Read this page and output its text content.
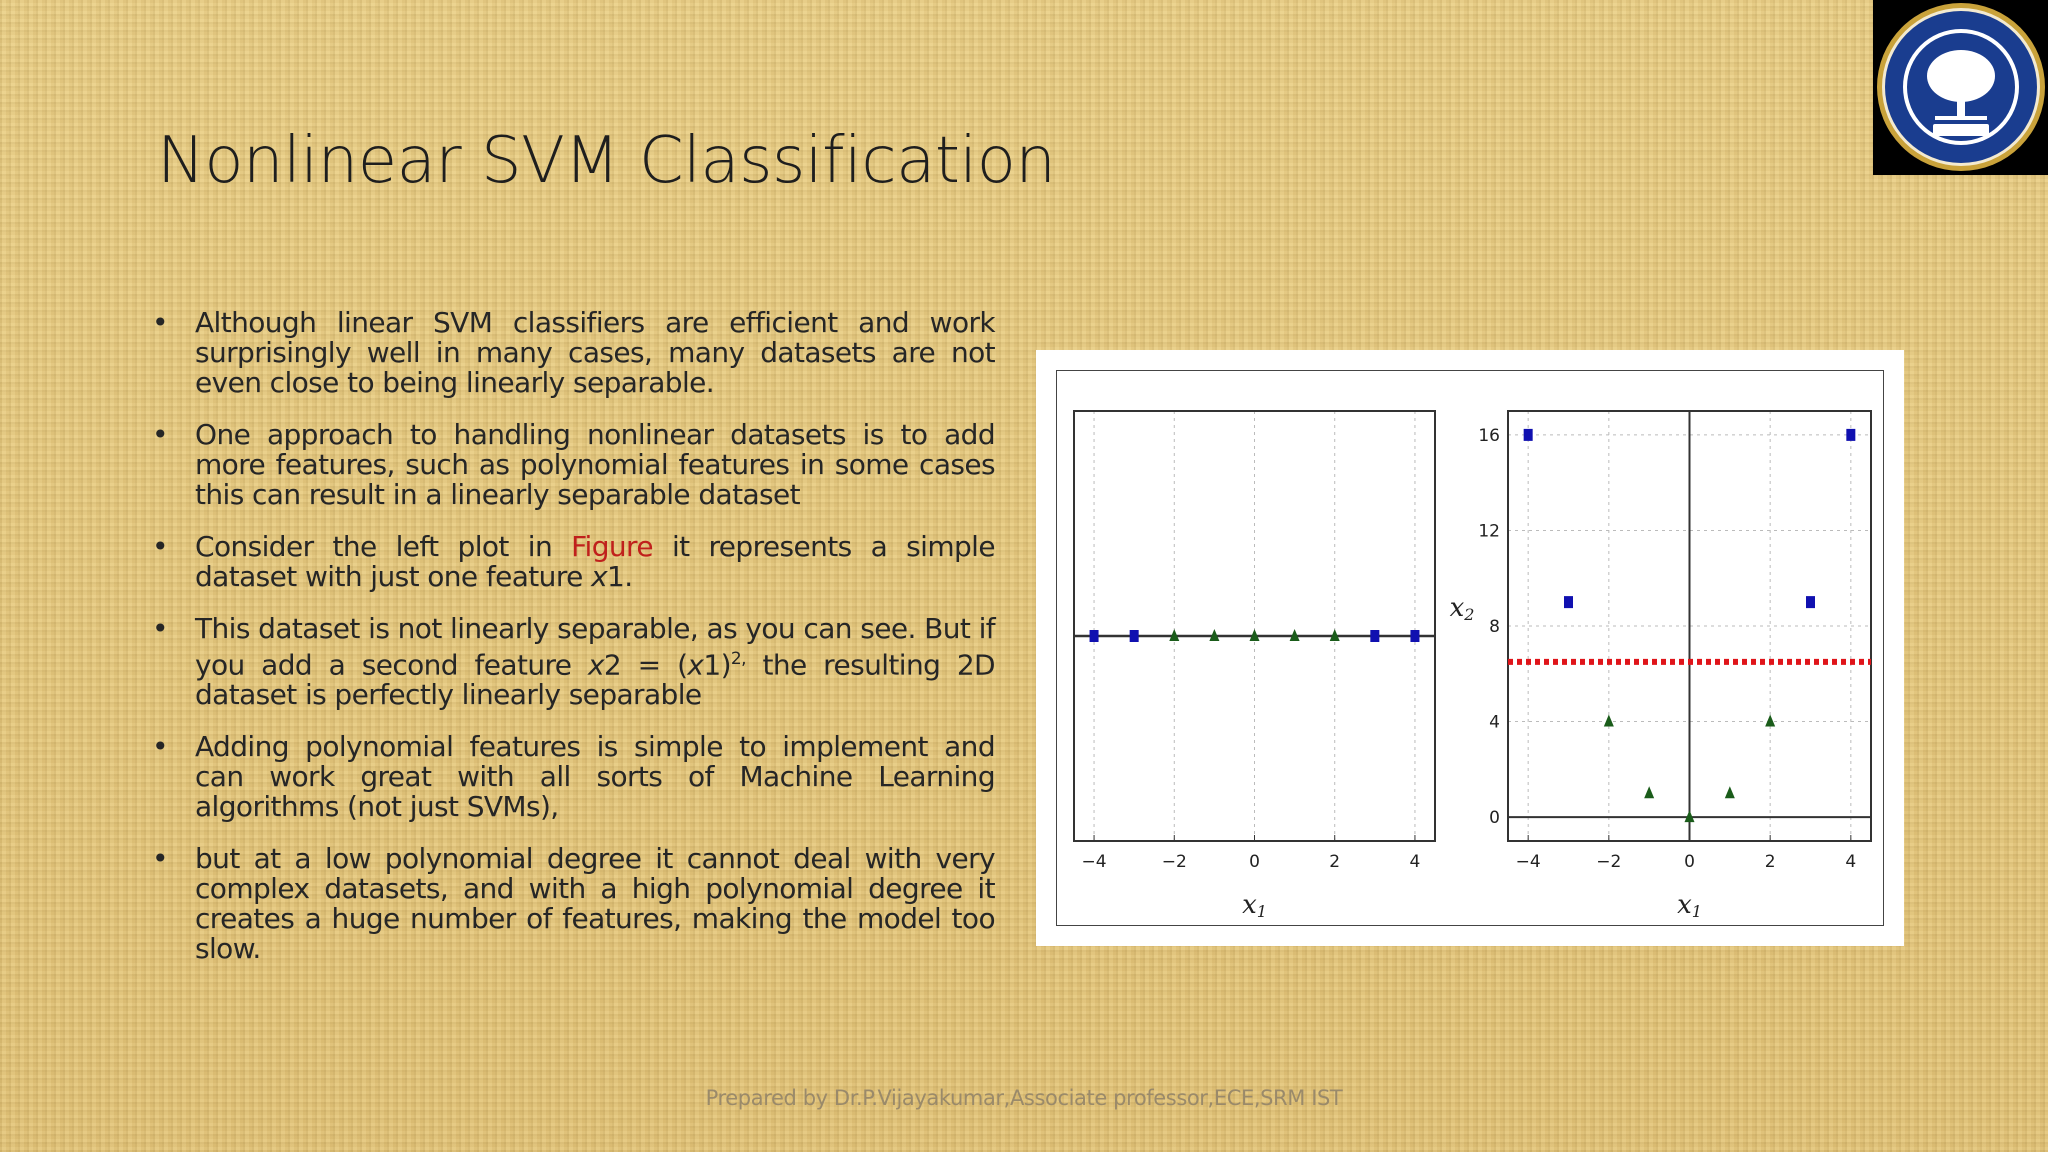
Nonlinear SVM Classification
• Although linear SVM classifiers are efficient and work surprisingly well in many cases, many datasets are not even close to being linearly separable.
• One approach to handling nonlinear datasets is to add more features, such as polynomial features in some cases this can result in a linearly separable dataset
• Consider the left plot in Figure it represents a simple dataset with just one feature x1.
• This dataset is not linearly separable, as you can see. But if you add a second feature $x2 = (x1)^{2,}$ the resulting 2D dataset is perfectly linearly separable
• Adding polynomial features is simple to implement and can work great with all sorts of Machine Learning algorithms (not just SVMs),
• but at a low polynomial degree it cannot deal with very complex datasets, and with a high polynomial degree it creates a huge number of features, making the model too slow.
−4	−2	0	2	4
x1
−4	−2	0	2	4
0
4
8
12
16
x1
x2
Prepared by Dr.P.Vijayakumar,Associate professor,ECE,SRM IST
